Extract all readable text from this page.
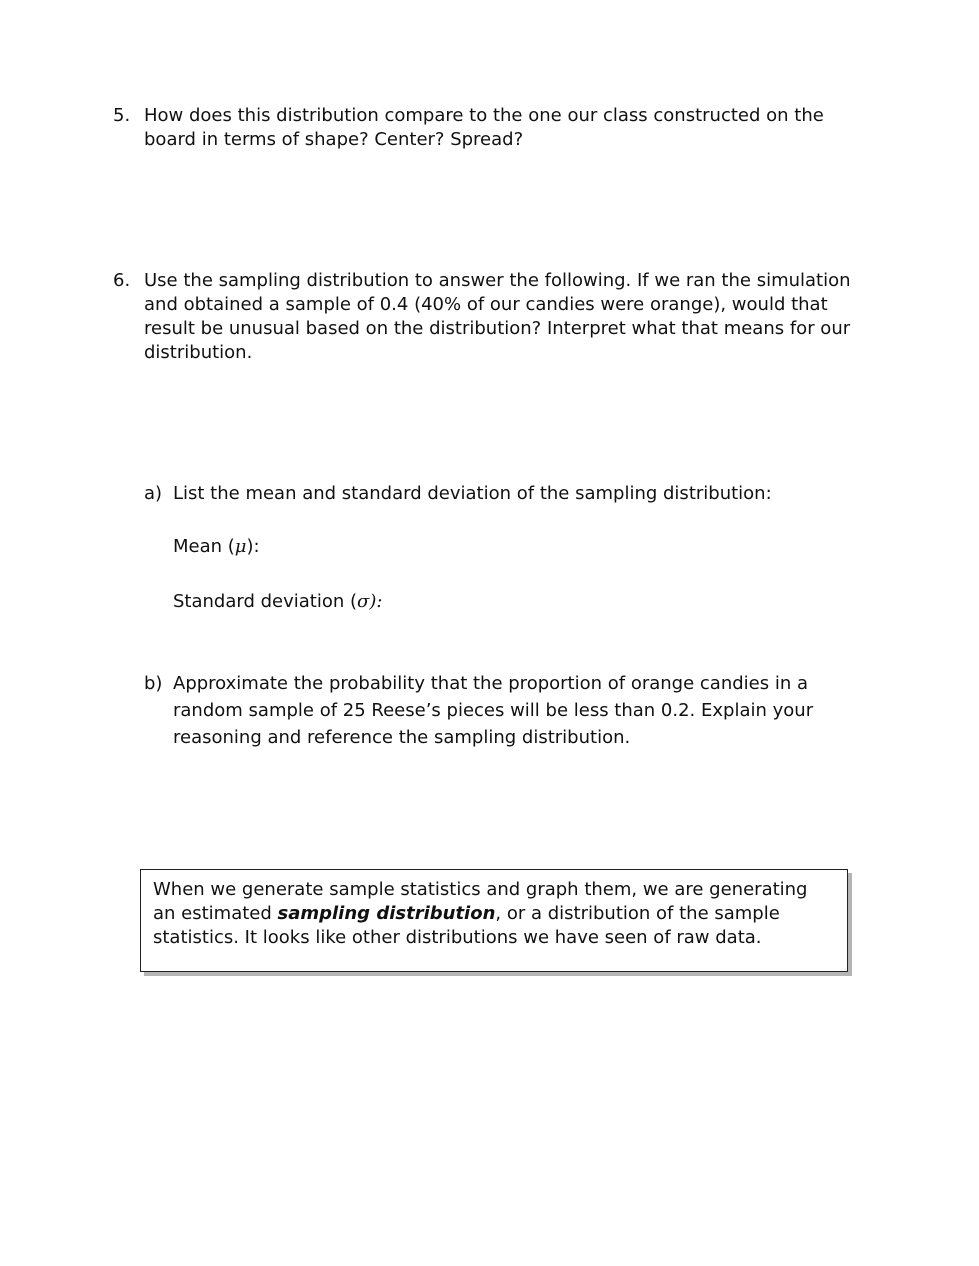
5. How does this distribution compare to the one our class constructed on the board in terms of shape? Center? Spread?
6. Use the sampling distribution to answer the following. If we ran the simulation and obtained a sample of 0.4 (40% of our candies were orange), would that result be unusual based on the distribution? Interpret what that means for our distribution.
a) List the mean and standard deviation of the sampling distribution:
Mean (μ):
Standard deviation (σ):
b) Approximate the probability that the proportion of orange candies in a random sample of 25 Reese’s pieces will be less than 0.2. Explain your reasoning and reference the sampling distribution.
When we generate sample statistics and graph them, we are generating an estimated sampling distribution, or a distribution of the sample statistics. It looks like other distributions we have seen of raw data.
